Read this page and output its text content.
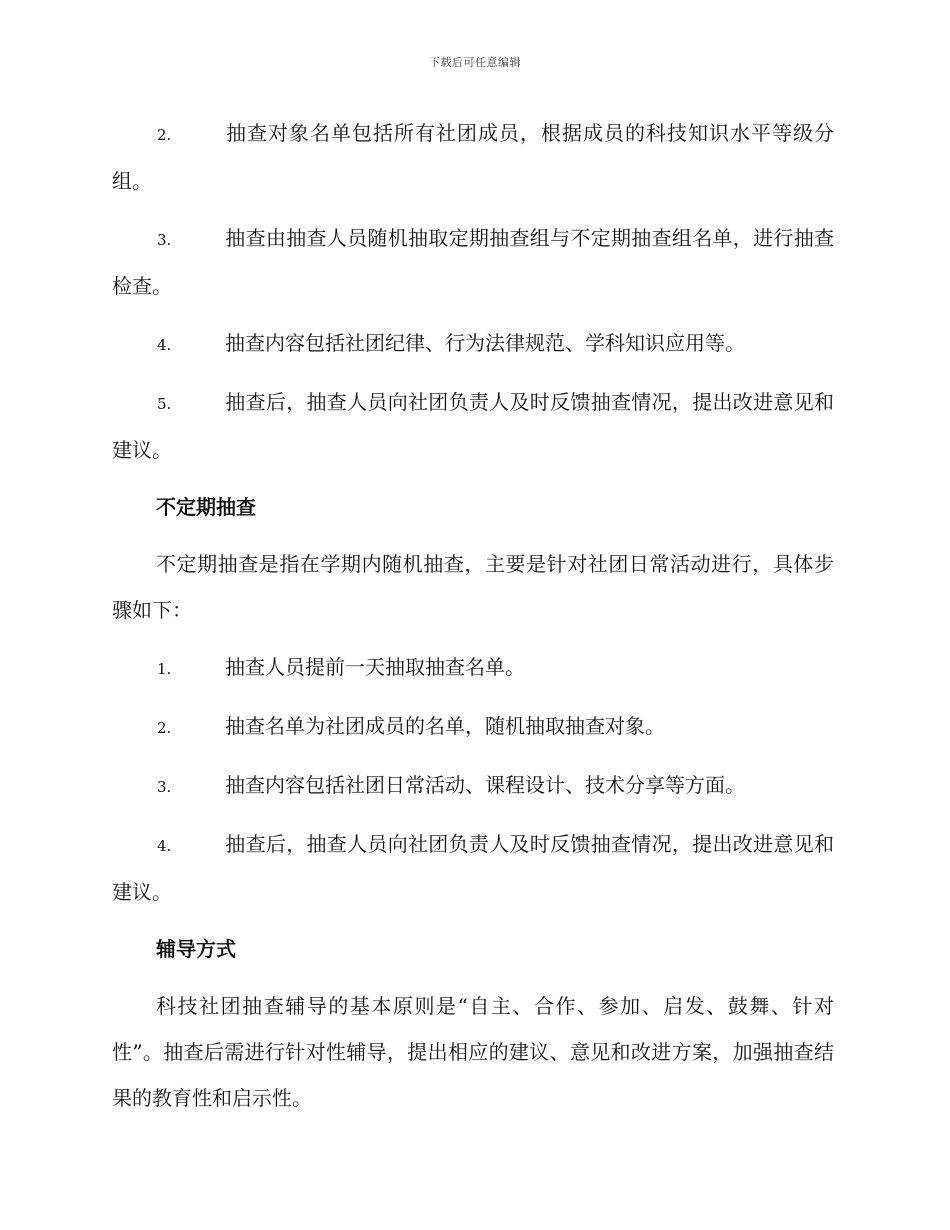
下载后可任意编辑
2.	抽查对象名单包括所有社团成员，根据成员的科技知识水平等级分组。
3.	抽查由抽查人员随机抽取定期抽查组与不定期抽查组名单，进行抽查检查。
4.	抽查内容包括社团纪律、行为法律规范、学科知识应用等。
5.	抽查后，抽查人员向社团负责人及时反馈抽查情况，提出改进意见和建议。
不定期抽查
不定期抽查是指在学期内随机抽查，主要是针对社团日常活动进行，具体步骤如下：
1.	抽查人员提前一天抽取抽查名单。
2.	抽查名单为社团成员的名单，随机抽取抽查对象。
3.	抽查内容包括社团日常活动、课程设计、技术分享等方面。
4.	抽查后，抽查人员向社团负责人及时反馈抽查情况，提出改进意见和建议。
辅导方式
科技社团抽查辅导的基本原则是“自主、合作、参加、启发、鼓舞、针对性”。抽查后需进行针对性辅导，提出相应的建议、意见和改进方案，加强抽查结果的教育性和启示性。
